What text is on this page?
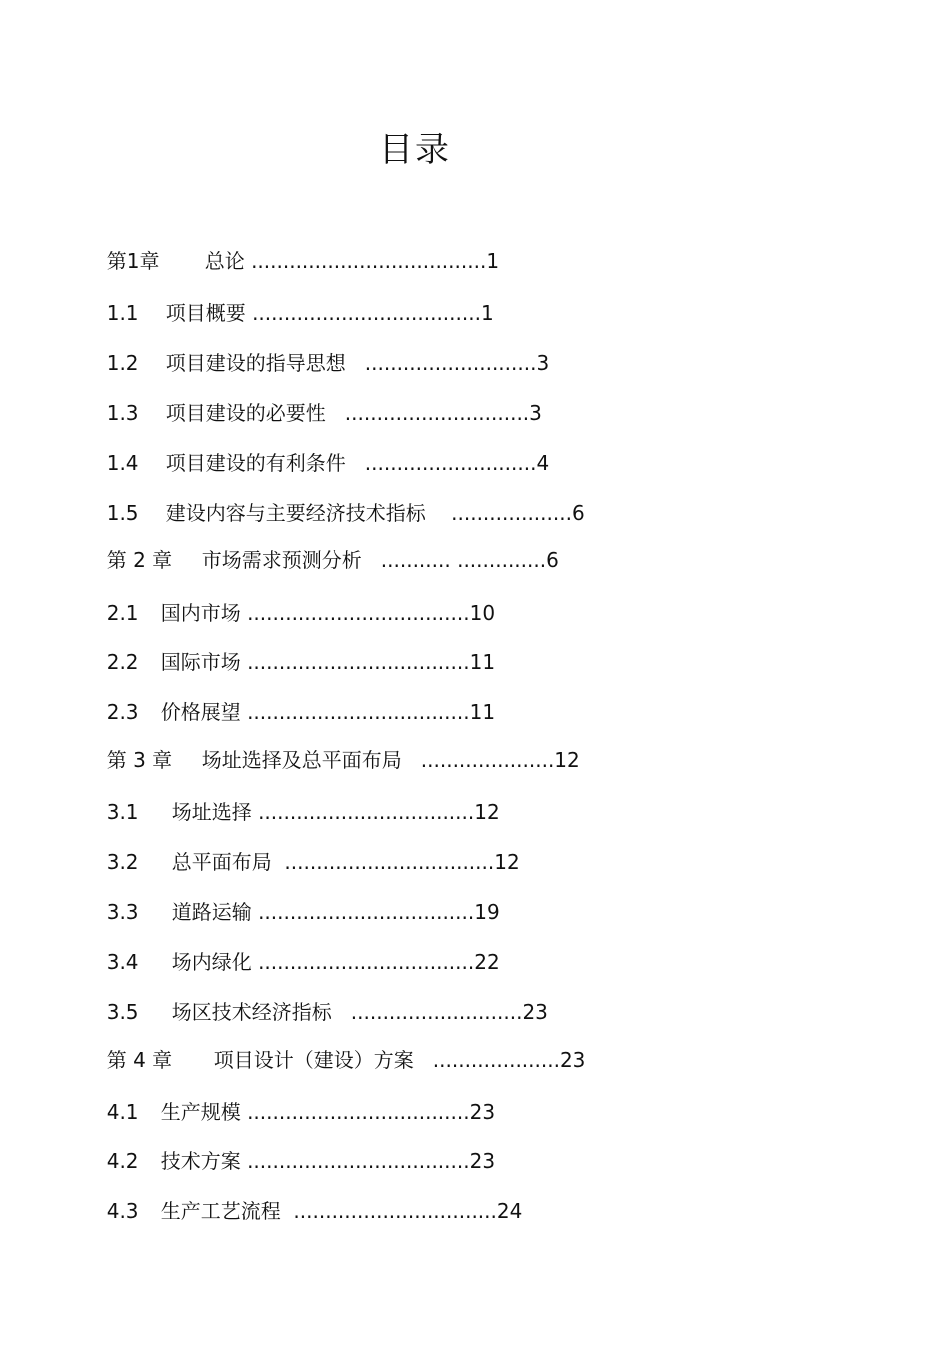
目录

第1章 总论 .....................................1

1.1 项目概要 ....................................1

1.2 项目建设的指导思想   ...........................3

1.3 项目建设的必要性   .............................3

1.4 项目建设的有利条件   ...........................4

1.5 建设内容与主要经济技术指标    ...................6

第 2 章 市场需求预测分析   ........... ..............6

2.1 国内市场 ...................................10

2.2 国际市场 ...................................11

2.3 价格展望 ...................................11

第 3 章 场址选择及总平面布局   .....................12

3.1 场址选择 ..................................12

3.2 总平面布局  .................................12

3.3 道路运输 ..................................19

3.4 场内绿化 ..................................22

3.5 场区技术经济指标   ...........................23

第 4 章 项目设计（建设）方案   ....................23

4.1 生产规模 ...................................23

4.2 技术方案 ...................................23

4.3 生产工艺流程  ................................24
